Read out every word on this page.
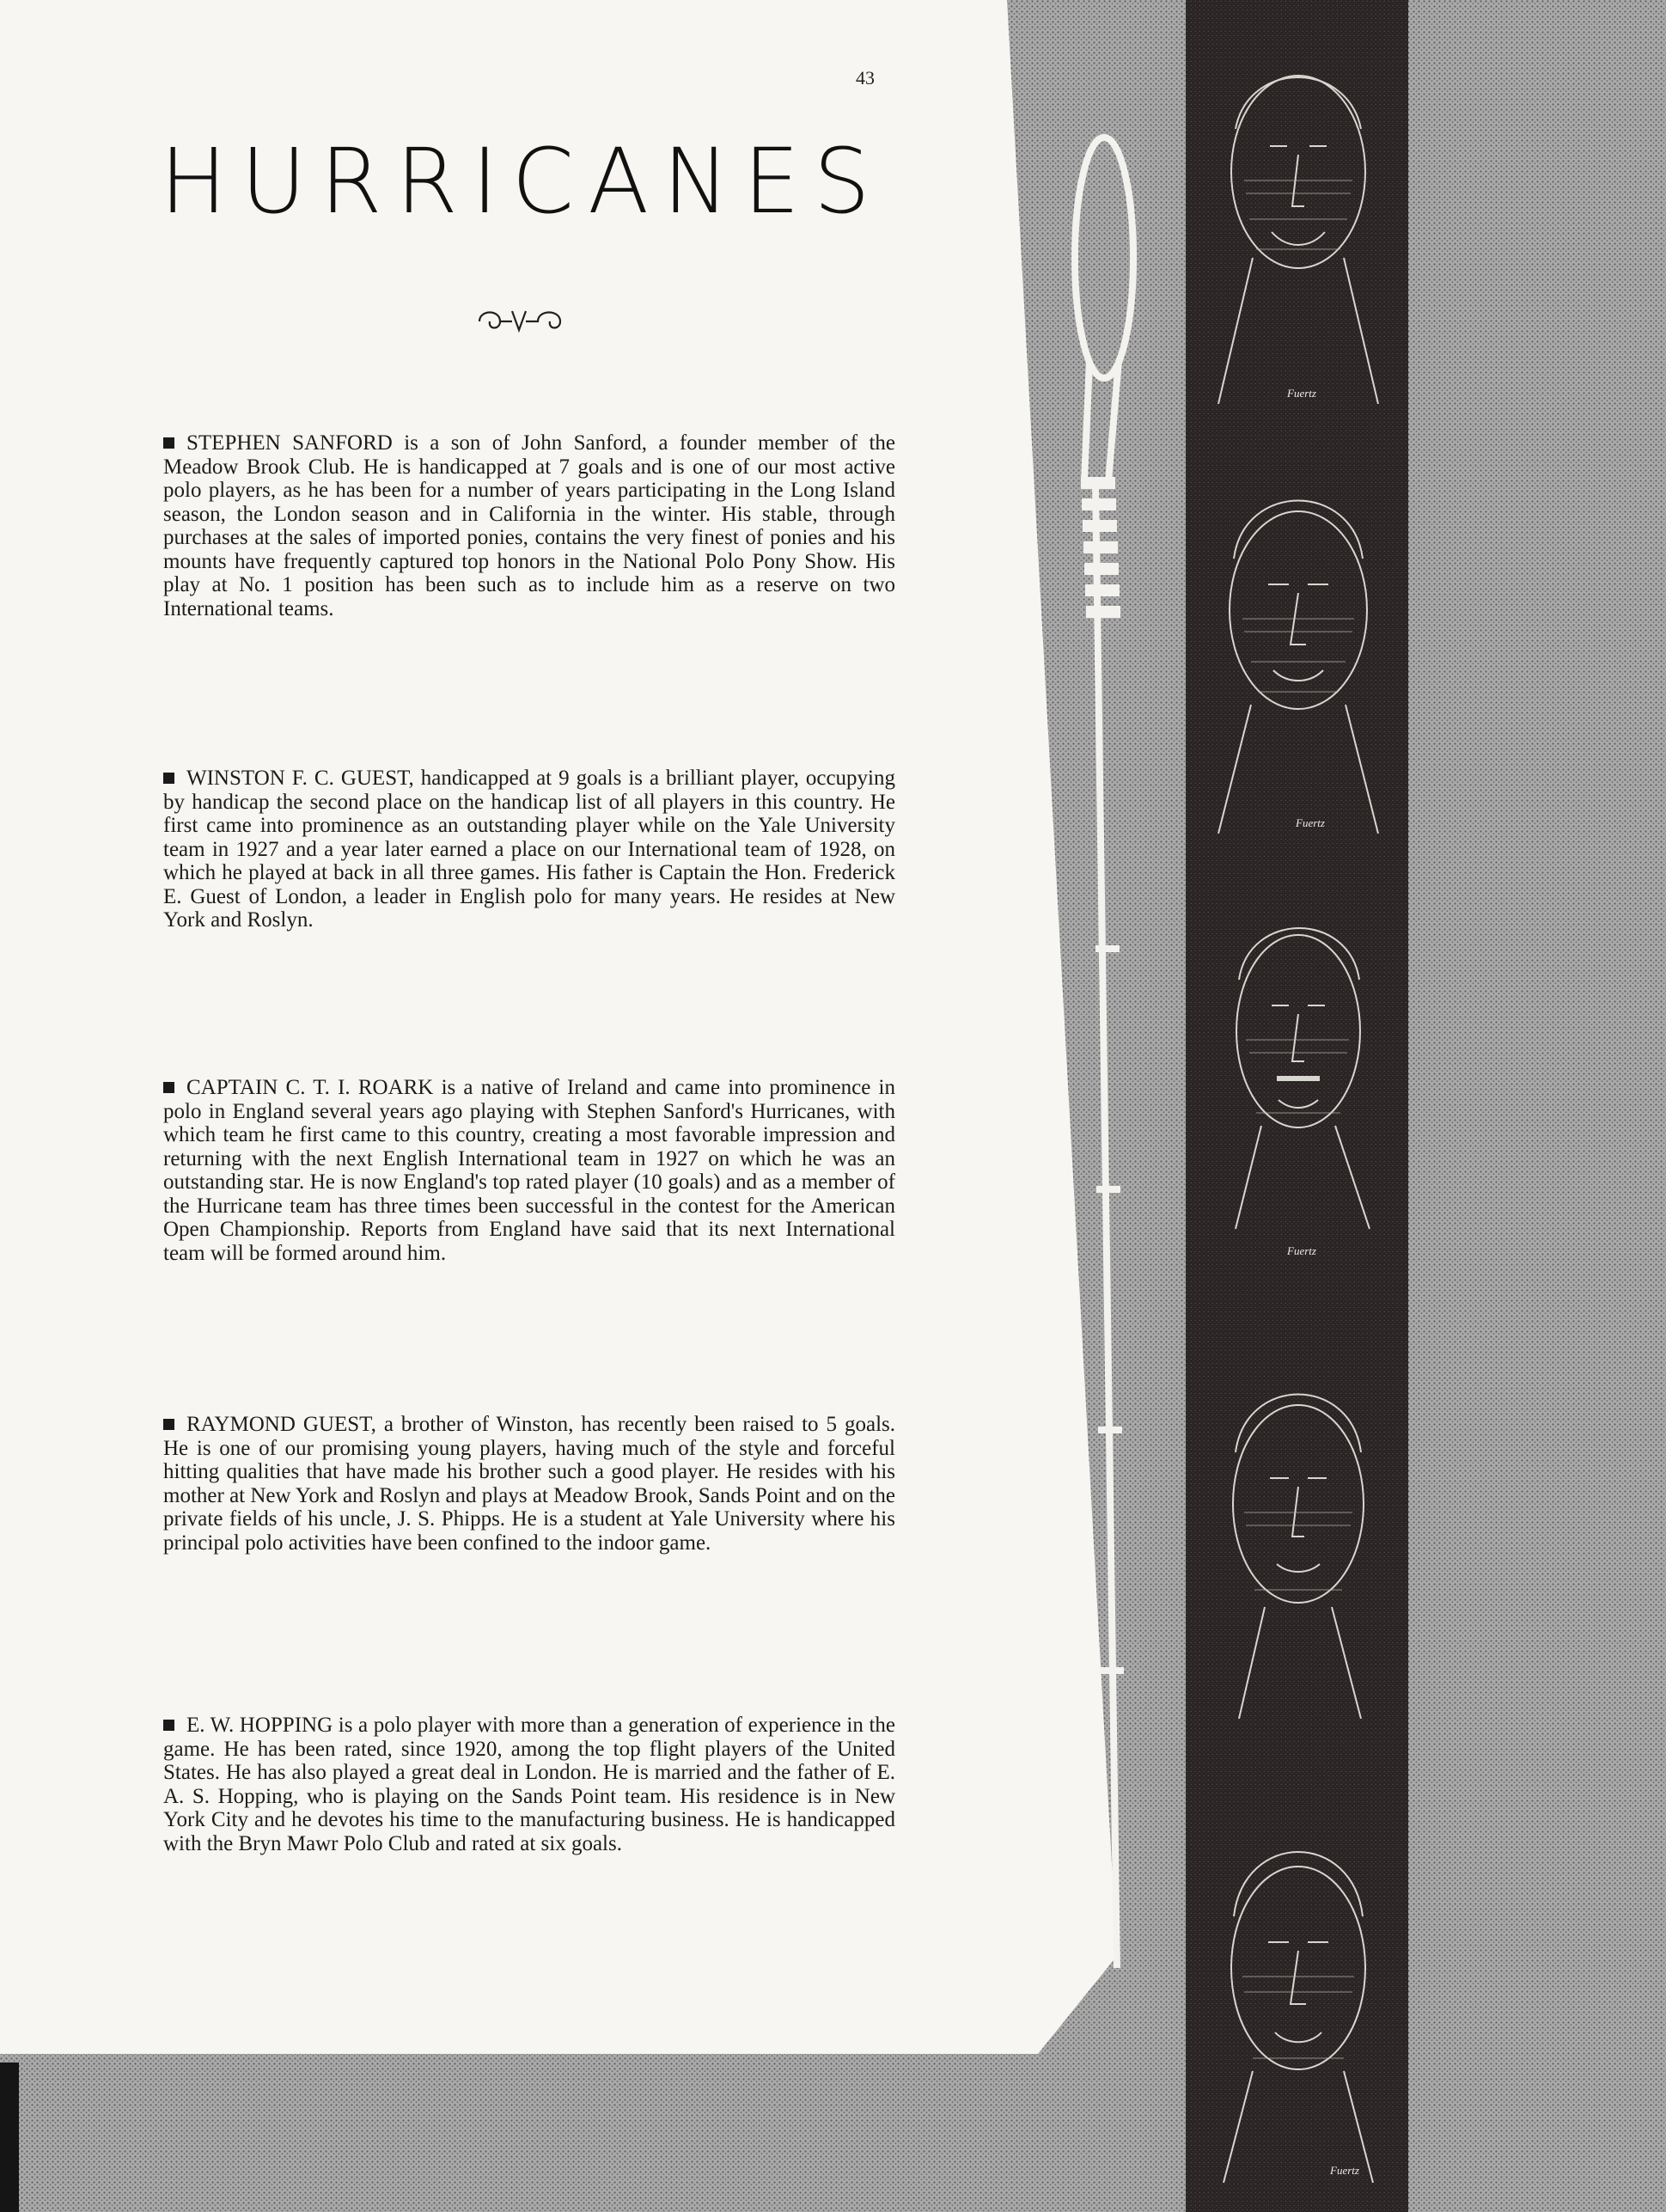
43
HURRICANES
STEPHEN SANFORD is a son of John Sanford, a founder member of the Meadow Brook Club. He is handicapped at 7 goals and is one of our most active polo players, as he has been for a number of years participating in the Long Island season, the London season and in California in the winter. His stable, through purchases at the sales of imported ponies, contains the very finest of ponies and his mounts have frequently captured top honors in the National Polo Pony Show. His play at No. 1 position has been such as to include him as a reserve on two International teams.
WINSTON F. C. GUEST, handicapped at 9 goals is a brilliant player, occupying by handicap the second place on the handicap list of all players in this country. He first came into prominence as an outstanding player while on the Yale University team in 1927 and a year later earned a place on our International team of 1928, on which he played at back in all three games. His father is Captain the Hon. Frederick E. Guest of London, a leader in English polo for many years. He resides at New York and Roslyn.
CAPTAIN C. T. I. ROARK is a native of Ireland and came into prominence in polo in England several years ago playing with Stephen Sanford's Hurricanes, with which team he first came to this country, creating a most favorable impression and returning with the next English International team in 1927 on which he was an outstanding star. He is now England's top rated player (10 goals) and as a member of the Hurricane team has three times been successful in the contest for the American Open Championship. Reports from England have said that its next International team will be formed around him.
RAYMOND GUEST, a brother of Winston, has recently been raised to 5 goals. He is one of our promising young players, having much of the style and forceful hitting qualities that have made his brother such a good player. He resides with his mother at New York and Roslyn and plays at Meadow Brook, Sands Point and on the private fields of his uncle, J. S. Phipps. He is a student at Yale University where his principal polo activities have been confined to the indoor game.
E. W. HOPPING is a polo player with more than a generation of experience in the game. He has been rated, since 1920, among the top flight players of the United States. He has also played a great deal in London. He is married and the father of E. A. S. Hopping, who is playing on the Sands Point team. His residence is in New York City and he devotes his time to the manufacturing business. He is handicapped with the Bryn Mawr Polo Club and rated at six goals.
Fuertz
Fuertz
Fuertz
Fuertz
